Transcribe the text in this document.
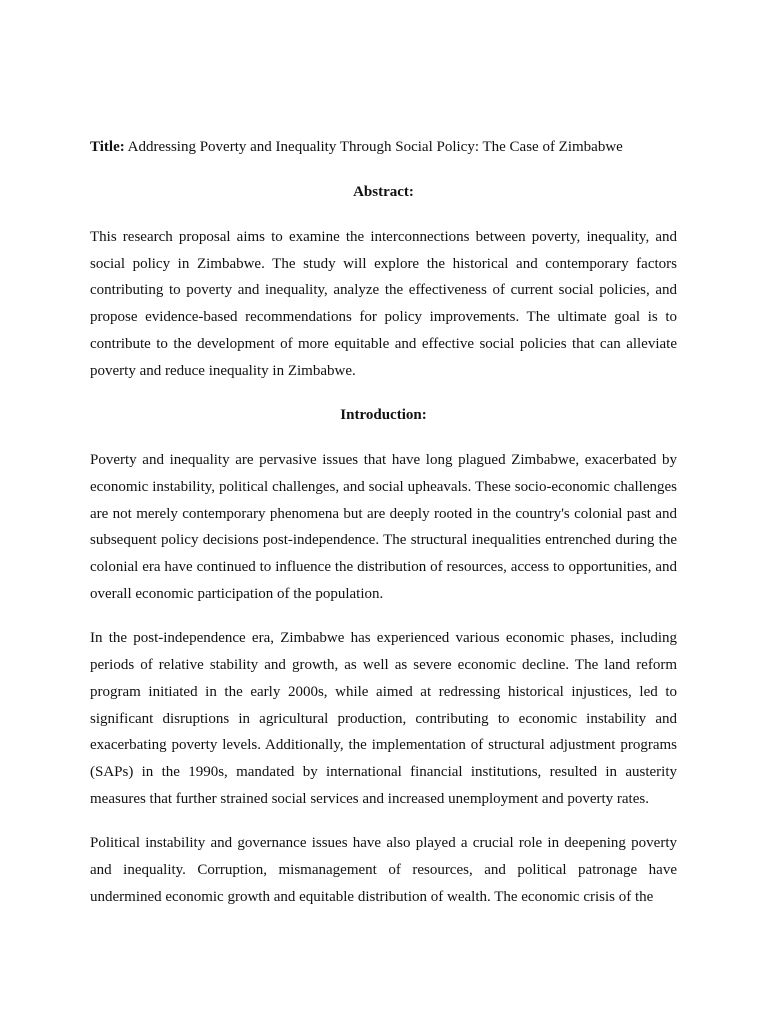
Title: Addressing Poverty and Inequality Through Social Policy: The Case of Zimbabwe

Abstract:

This research proposal aims to examine the interconnections between poverty, inequality, and social policy in Zimbabwe. The study will explore the historical and contemporary factors contributing to poverty and inequality, analyze the effectiveness of current social policies, and propose evidence-based recommendations for policy improvements. The ultimate goal is to contribute to the development of more equitable and effective social policies that can alleviate poverty and reduce inequality in Zimbabwe.

Introduction:

Poverty and inequality are pervasive issues that have long plagued Zimbabwe, exacerbated by economic instability, political challenges, and social upheavals. These socio-economic challenges are not merely contemporary phenomena but are deeply rooted in the country's colonial past and subsequent policy decisions post-independence. The structural inequalities entrenched during the colonial era have continued to influence the distribution of resources, access to opportunities, and overall economic participation of the population.

In the post-independence era, Zimbabwe has experienced various economic phases, including periods of relative stability and growth, as well as severe economic decline. The land reform program initiated in the early 2000s, while aimed at redressing historical injustices, led to significant disruptions in agricultural production, contributing to economic instability and exacerbating poverty levels. Additionally, the implementation of structural adjustment programs (SAPs) in the 1990s, mandated by international financial institutions, resulted in austerity measures that further strained social services and increased unemployment and poverty rates.

Political instability and governance issues have also played a crucial role in deepening poverty and inequality. Corruption, mismanagement of resources, and political patronage have undermined economic growth and equitable distribution of wealth. The economic crisis of the
